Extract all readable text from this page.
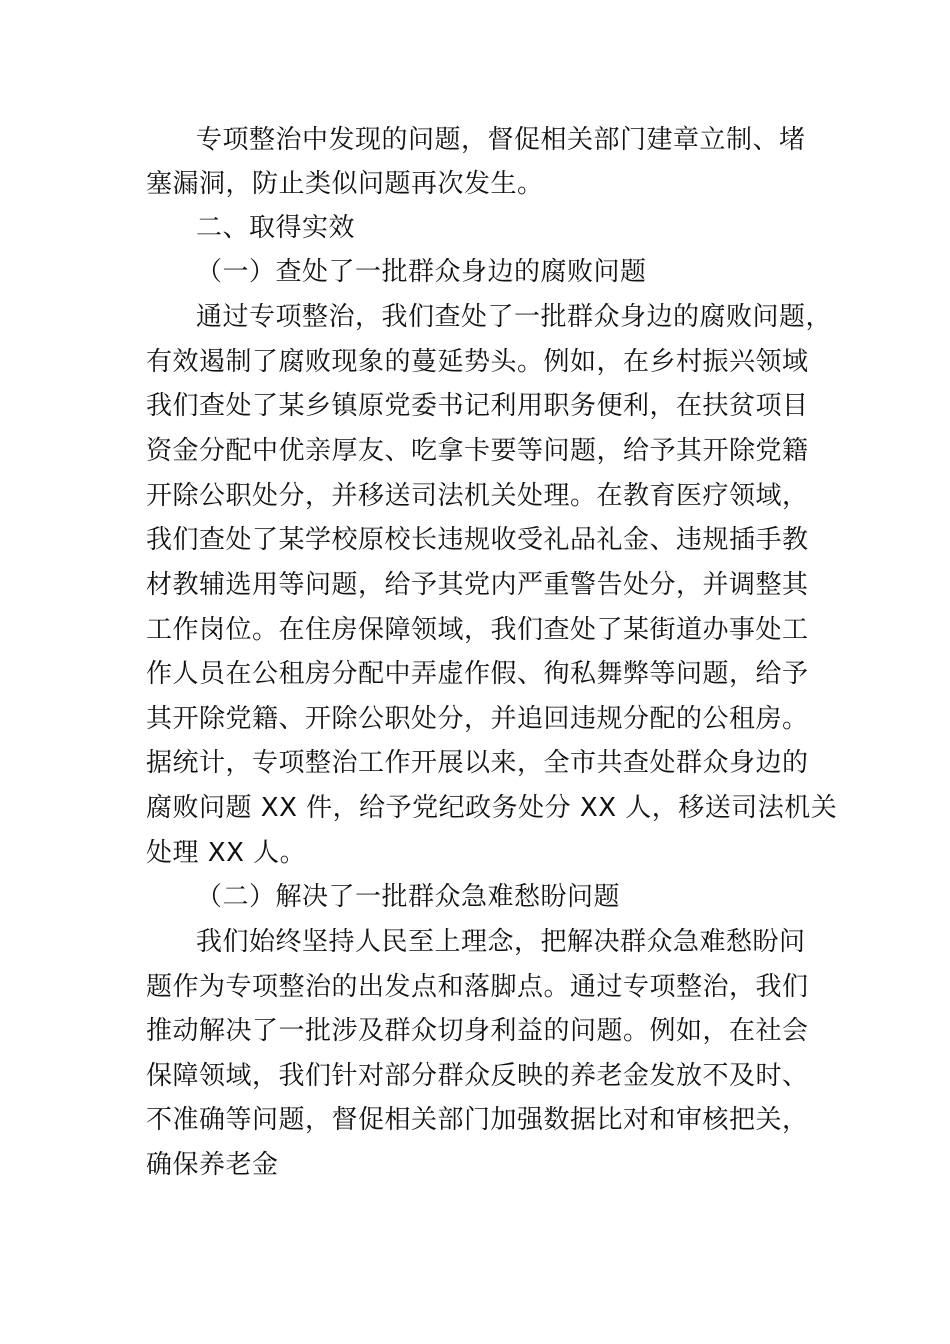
专项整治中发现的问题，督促相关部门建章立制、堵
塞漏洞，防止类似问题再次发生。
二、取得实效
（一）查处了一批群众身边的腐败问题
通过专项整治，我们查处了一批群众身边的腐败问题，
有效遏制了腐败现象的蔓延势头。例如，在乡村振兴领域
我们查处了某乡镇原党委书记利用职务便利，在扶贫项目
资金分配中优亲厚友、吃拿卡要等问题，给予其开除党籍
开除公职处分，并移送司法机关处理。在教育医疗领域，
我们查处了某学校原校长违规收受礼品礼金、违规插手教
材教辅选用等问题，给予其党内严重警告处分，并调整其
工作岗位。在住房保障领域，我们查处了某街道办事处工
作人员在公租房分配中弄虚作假、徇私舞弊等问题，给予
其开除党籍、开除公职处分，并追回违规分配的公租房。
据统计，专项整治工作开展以来，全市共查处群众身边的
腐败问题 XX 件，给予党纪政务处分 XX 人，移送司法机关
处理 XX 人。
（二）解决了一批群众急难愁盼问题
我们始终坚持人民至上理念，把解决群众急难愁盼问
题作为专项整治的出发点和落脚点。通过专项整治，我们
推动解决了一批涉及群众切身利益的问题。例如，在社会
保障领域，我们针对部分群众反映的养老金发放不及时、
不准确等问题，督促相关部门加强数据比对和审核把关，
确保养老金
